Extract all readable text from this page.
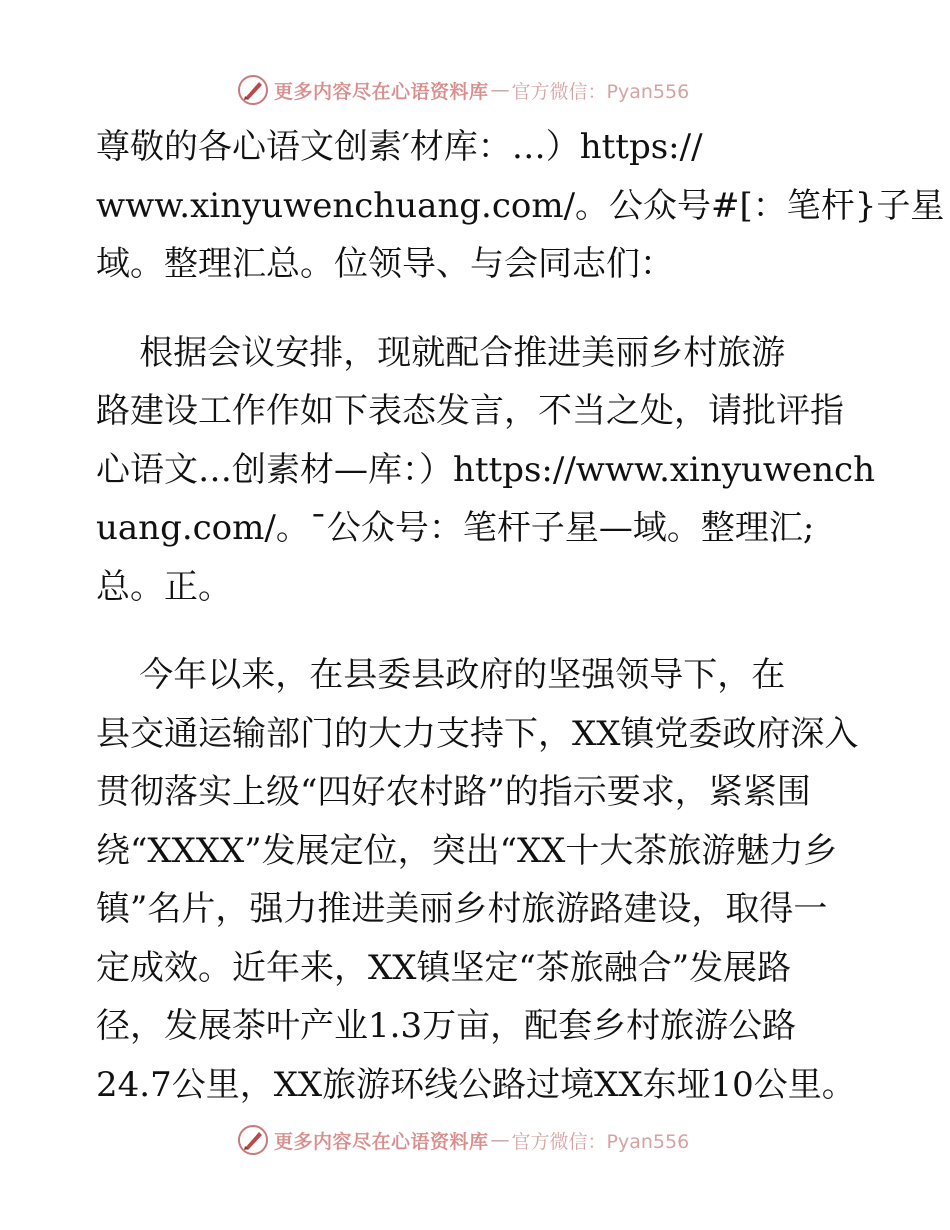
更多内容尽在心语资料库 — 官方微信：Pyan556
尊敬的各心语文创素′材库：…）https://
www.xinyuwenchuang.com/。公众号#[：笔杆}子星
域。整理汇总。位领导、与会同志们：
根据会议安排，现就配合推进美丽乡村旅游
路建设工作作如下表态发言，不当之处，请批评指
心语文…创素材—库：）https://www.xinyuwench
uang.com/。¯公众号：笔杆子星—域。整理汇;
总。正。
今年以来，在县委县政府的坚强领导下，在
县交通运输部门的大力支持下，XX镇党委政府深入
贯彻落实上级“四好农村路”的指示要求，紧紧围
绕“XXXX”发展定位，突出“XX十大茶旅游魅力乡
镇”名片，强力推进美丽乡村旅游路建设，取得一
定成效。近年来，XX镇坚定“茶旅融合”发展路
径，发展茶叶产业1.3万亩，配套乡村旅游公路
24.7公里，XX旅游环线公路过境XX东垭10公里。
更多内容尽在心语资料库 — 官方微信：Pyan556
